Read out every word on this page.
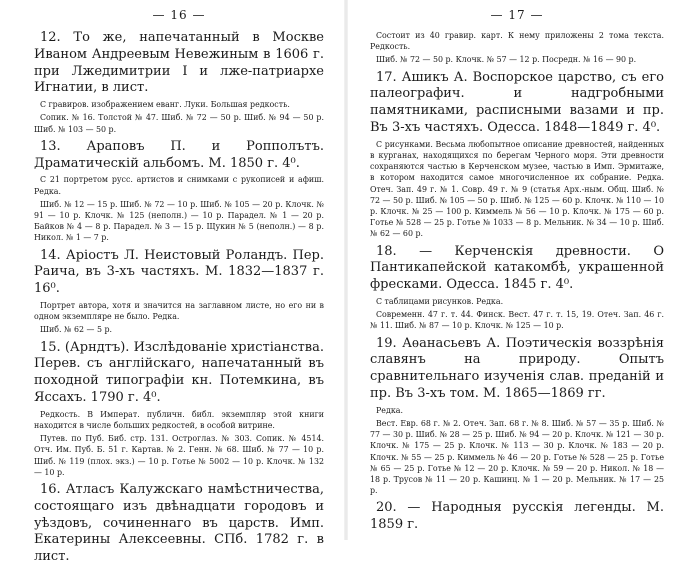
— 16 —

12. То же, напечатанный в Москве Иваном Андреевым Невежиным в 1606 г. при Лжедимитрии I и лже-патриархе Игнатии, в лист.

С гравиров. изображением еванг. Луки. Большая редкость.

Сопик. № 16. Толстой № 47. Шиб. № 72 — 50 р. Шиб. № 94 — 50 р. Шиб. № 103 — 50 р.

13. Араповъ П. и Ропполътъ. Драматическій альбомъ. М. 1850 г. 4⁰.

С 21 портретом русс. артистов и снимками с рукописей и афиш. Редка.

Шиб. № 12 — 15 р. Шиб. № 72 — 10 р. Шиб. № 105 — 20 р. Клочк. № 91 — 10 р. Клочк. № 125 (неполн.) — 10 р. Парадел. № 1 — 20 р. Байков № 4 — 8 р. Парадел. № 3 — 15 р. Щукин № 5 (неполн.) — 8 р. Никол. № 1 — 7 р.

14. Аріостъ Л. Неистовый Роландъ. Пер. Раича, въ 3-хъ частяхъ. М. 1832—1837 г. 16⁰.

Портрет автора, хотя и значится на заглавном листе, но его ни в одном экземпляре не было. Редка.

Шиб. № 62 — 5 р.

15. (Арндтъ). Изслѣдованіе христіанства. Перев. съ англійскаго, напечатанный въ походной типографіи кн. Потемкина, въ Яссахъ. 1790 г. 4⁰.

Редкость. В Императ. публичн. библ. экземпляр этой книги находится в числе больших редкостей, в особой витрине.

Путев. по Пуб. Биб. стр. 131. Остроглаз. № 303. Сопик. № 4514. Отч. Им. Пуб. Б. 51 г. Картав. № 2. Генн. № 68. Шиб. № 77 — 10 р. Шиб. № 119 (плох. экз.) — 10 р. Готье № 5002 — 10 р. Клочк. № 132 — 10 р.

16. Атласъ Калужскаго намѣстничества, состоящаго изъ двѣнадцати городовъ и уѣздовъ, сочиненнаго въ царств. Имп. Екатерины Алексеевны. СПб. 1782 г. в лист.

— 17 —

Состоит из 40 гравир. карт. К нему приложены 2 тома текста. Редкость.

Шиб. № 72 — 50 р. Клочк. № 57 — 12 р. Посредн. № 16 — 90 р.

17. Ашикъ А. Воспорское царство, съ его палеографич. и надгробными памятниками, расписными вазами и пр. Въ 3-хъ частяхъ. Одесса. 1848—1849 г. 4⁰.

С рисунками. Весьма любопытное описание древностей, найденных в курганах, находящихся по берегам Черного моря. Эти древности сохраняются частью в Керченском музее, частью в Имп. Эрмитаже, в котором находится самое многочисленное их собрание. Редка. Отеч. Зап. 49 г. № 1. Совр. 49 г. № 9 (статья Арх.-ным. Общ. Шиб. № 72 — 50 р. Шиб. № 105 — 50 р. Шиб. № 125 — 60 р. Клочк. № 110 — 10 р. Клочк. № 25 — 100 р. Киммель № 56 — 10 р. Клочк. № 175 — 60 р. Готье № 528 — 25 р. Готье № 1033 — 8 р. Мельник. № 34 — 10 р. Шиб. № 62 — 60 р.

18. — Керченскія древности. О Пантикапейской катакомбѣ, украшенной фресками. Одесса. 1845 г. 4⁰.

С таблицами рисунков. Редка.

Современн. 47 г. т. 44. Финск. Вест. 47 г. т. 15, 19. Отеч. Зап. 46 г. № 11. Шиб. № 87 — 10 р. Клочк. № 125 — 10 р.

19. Аѳанасьевъ А. Поэтическія воззрѣнія славянъ на природу. Опытъ сравнительнаго изученія слав. преданій и пр. Въ 3-хъ том. М. 1865—1869 гг.

Редка.

Вест. Евр. 68 г. № 2. Отеч. Зап. 68 г. № 8. Шиб. № 57 — 35 р. Шиб. № 77 — 30 р. Шиб. № 28 — 25 р. Шиб. № 94 — 20 р. Клочк. № 121 — 30 р. Клочк. № 175 — 25 р. Клочк. № 113 — 30 р. Клочк. № 183 — 20 р. Клочк. № 55 — 25 р. Киммель № 46 — 20 р. Готье № 528 — 25 р. Готье № 65 — 25 р. Готье № 12 — 20 р. Клочк. № 59 — 20 р. Никол. № 18 — 18 р. Трусов № 11 — 20 р. Кашинц. № 1 — 20 р. Мельник. № 17 — 25 р.

20. — Народныя русскія легенды. М. 1859 г.
